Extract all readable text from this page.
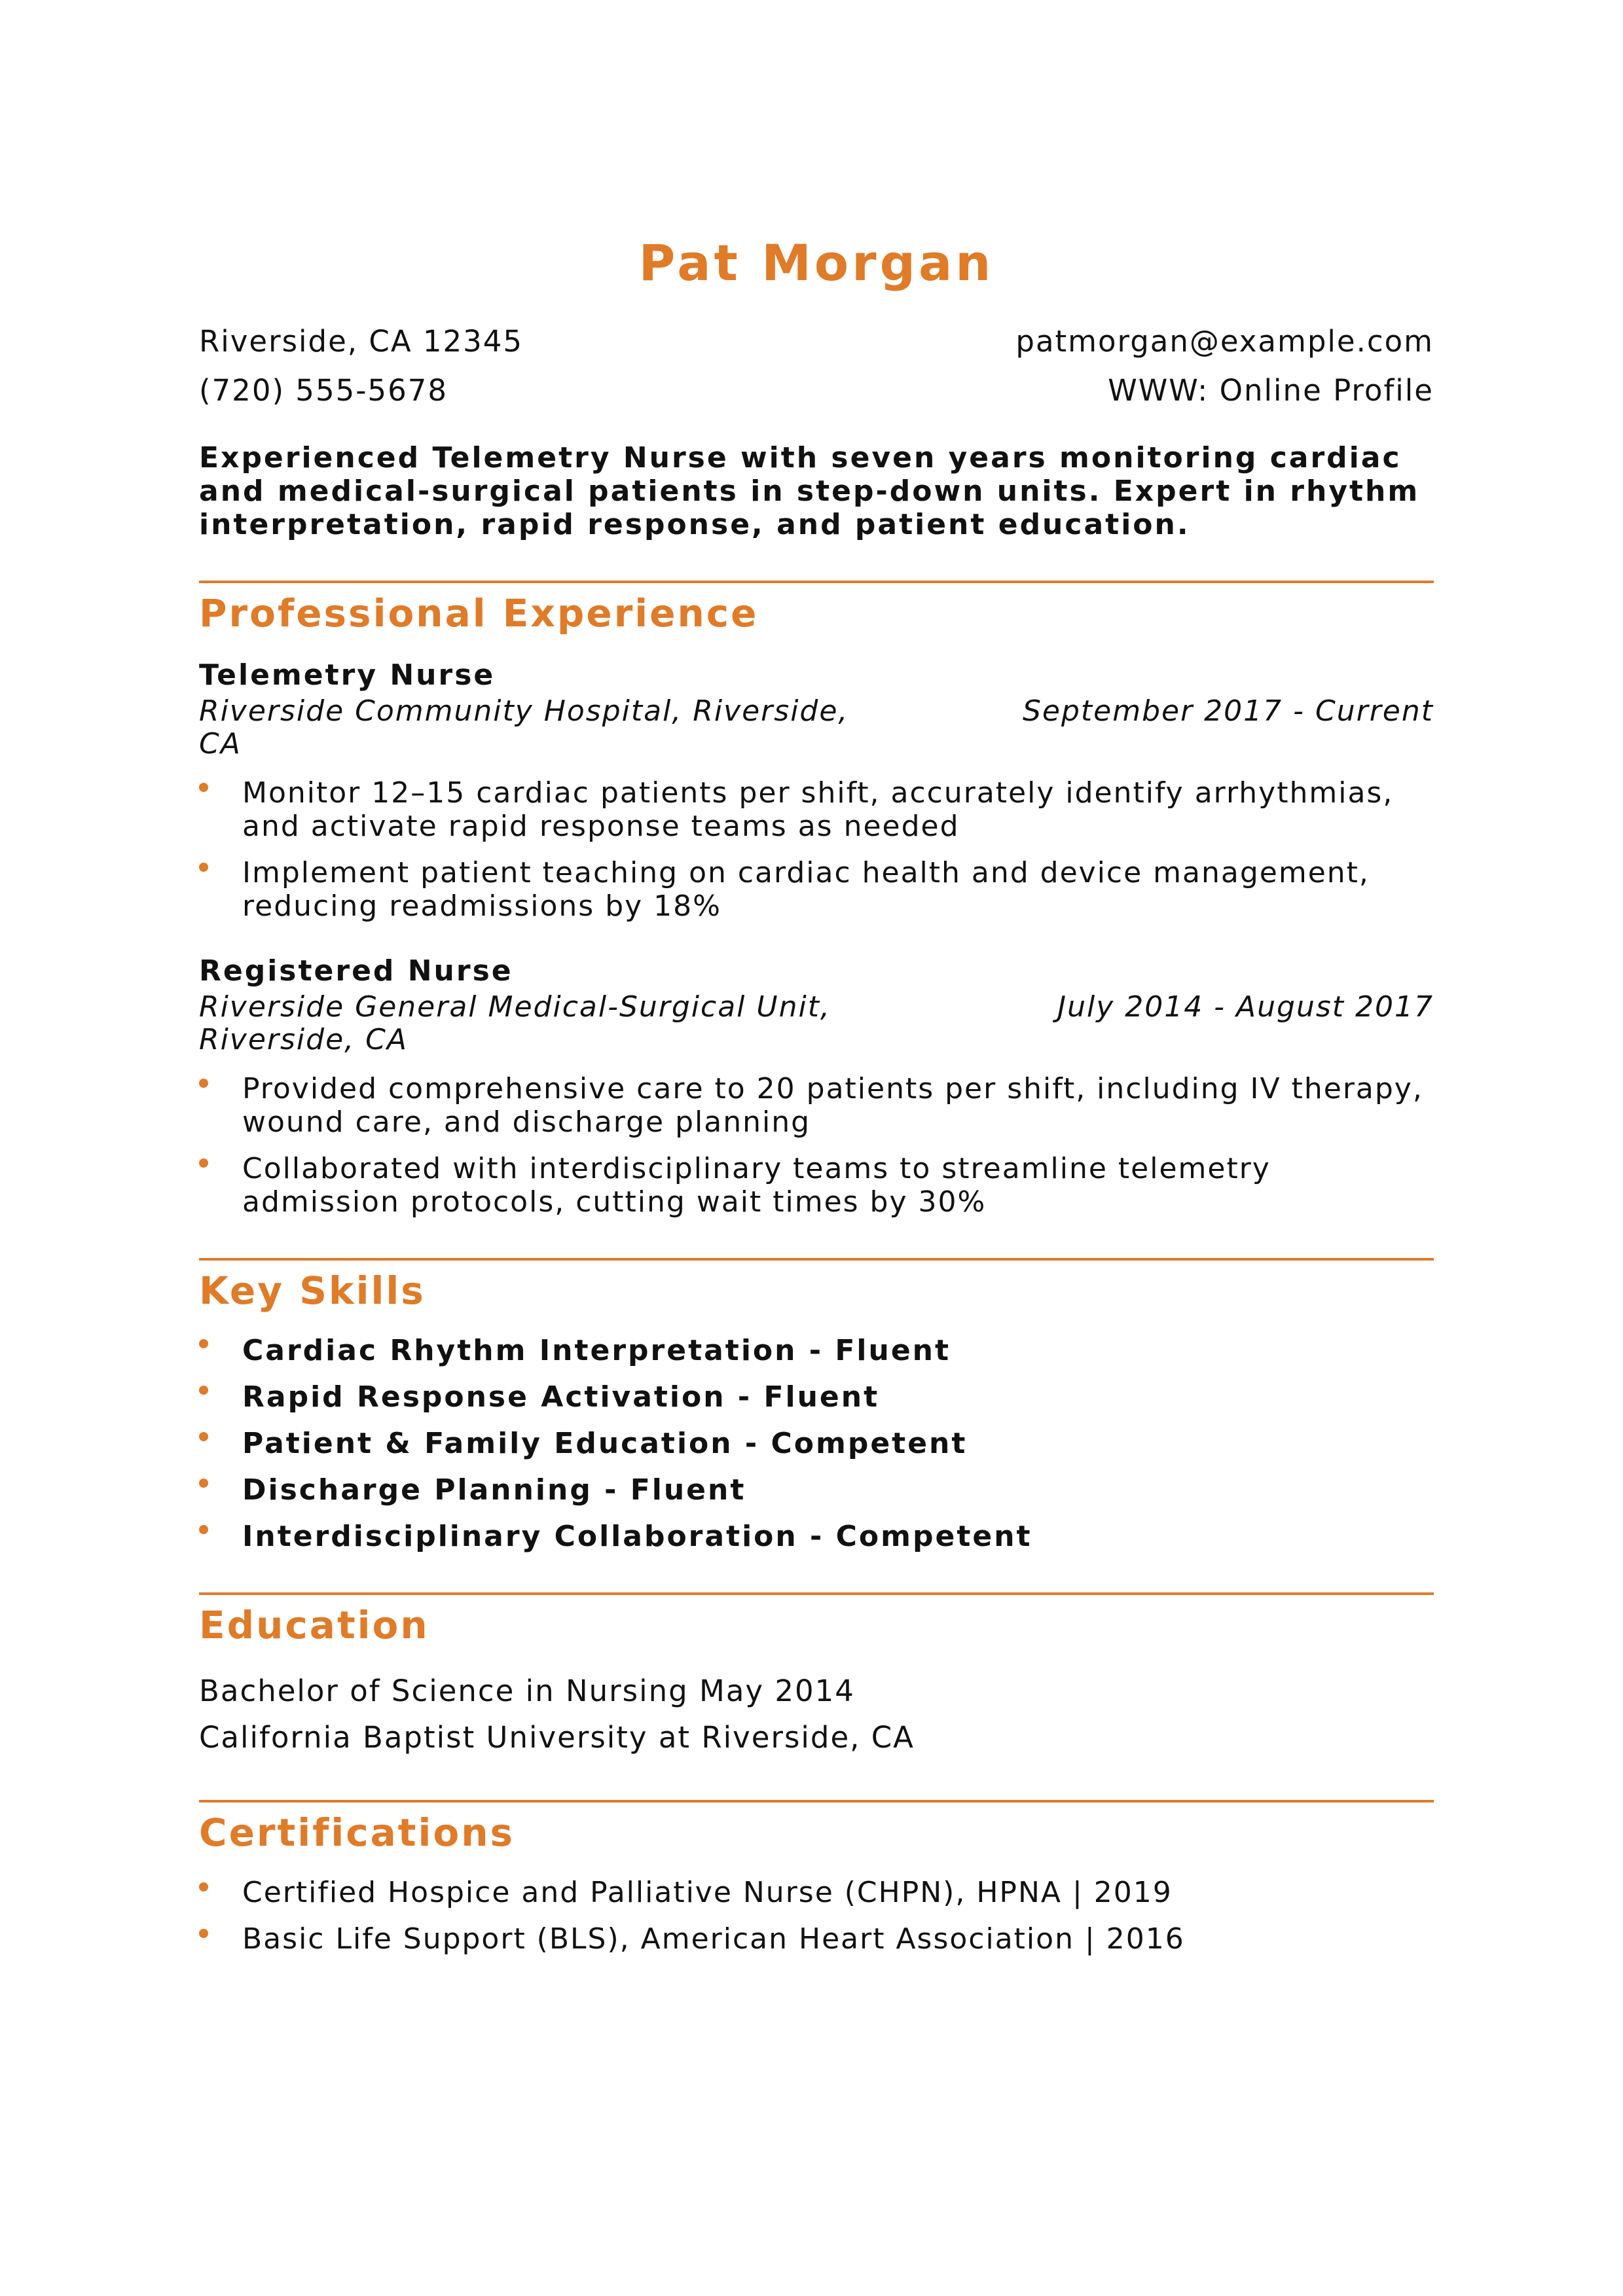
Pat Morgan
Riverside, CA 12345	patmorgan@example.com
(720) 555-5678	WWW: Online Profile
Experienced Telemetry Nurse with seven years monitoring cardiac and medical-surgical patients in step-down units. Expert in rhythm interpretation, rapid response, and patient education.
Professional Experience
Telemetry Nurse
Riverside Community Hospital, Riverside, CA
September 2017 - Current
Monitor 12–15 cardiac patients per shift, accurately identify arrhythmias, and activate rapid response teams as needed
Implement patient teaching on cardiac health and device management, reducing readmissions by 18%
Registered Nurse
Riverside General Medical-Surgical Unit, Riverside, CA
July 2014 - August 2017
Provided comprehensive care to 20 patients per shift, including IV therapy, wound care, and discharge planning
Collaborated with interdisciplinary teams to streamline telemetry admission protocols, cutting wait times by 30%
Key Skills
Cardiac Rhythm Interpretation - Fluent
Rapid Response Activation - Fluent
Patient & Family Education - Competent
Discharge Planning - Fluent
Interdisciplinary Collaboration - Competent
Education
Bachelor of Science in Nursing May 2014
California Baptist University at Riverside, CA
Certifications
Certified Hospice and Palliative Nurse (CHPN), HPNA | 2019
Basic Life Support (BLS), American Heart Association | 2016
